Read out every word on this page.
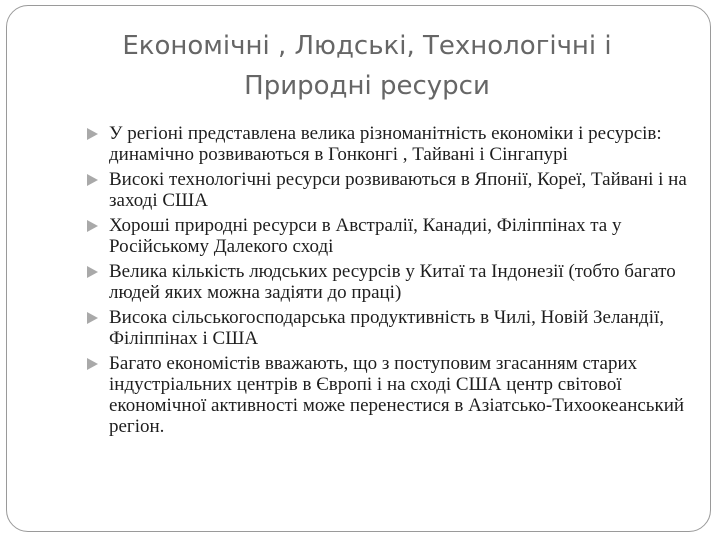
Економічні , Людські, Технологічні і
Природні ресурси
У регіоні представлена велика різноманітність економіки і ресурсів: динамічно розвиваються в Гонконгі , Тайвані і Сінгапурі
Високі технологічні ресурси розвиваються в Японії, Кореї, Тайвані і на заході США
Хороші природні ресурси в Австралії, Канадиі, Філіппінах та у Російському Далекого сході
Велика кількість людських ресурсів у Китаї та Індонезії (тобто багато людей яких можна задіяти до праці)
Висока сільськогосподарська продуктивність в Чилі, Новій Зеландії, Філіппінах і США
Багато економістів вважають, що з поступовим згасанням старих індустріальних центрів в Європі і на сході США центр світової економічної активності може перенестися в Азіатсько-Тихоокеанський регіон.
